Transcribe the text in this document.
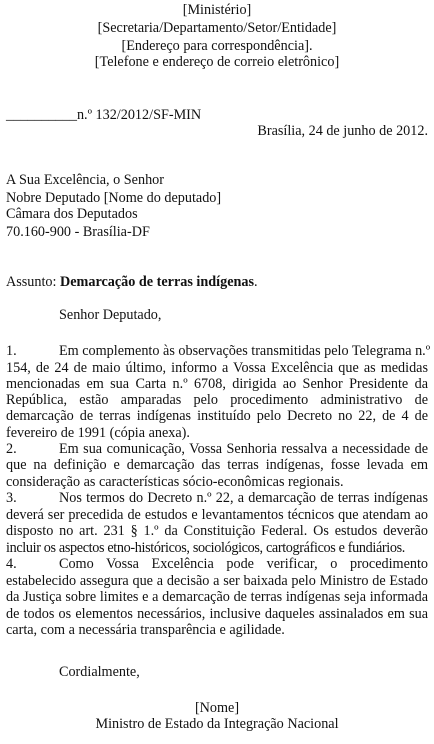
[Ministério]
[Secretaria/Departamento/Setor/Entidade]
[Endereço para correspondência].
[Telefone e endereço de correio eletrônico]
__________n.º 132/2012/SF-MIN
Brasília, 24 de junho de 2012.
A Sua Excelência, o Senhor
Nobre Deputado [Nome do deputado]
Câmara dos Deputados
70.160-900 - Brasília-DF
Assunto: Demarcação de terras indígenas.
Senhor Deputado,
1.	Em complemento às observações transmitidas pelo Telegrama n.º
154, de 24 de maio último, informo a Vossa Excelência que as medidas
mencionadas em sua Carta n.º 6708, dirigida ao Senhor Presidente da
República, estão amparadas pelo procedimento administrativo de
demarcação de terras indígenas instituído pelo Decreto no 22, de 4 de
fevereiro de 1991 (cópia anexa).
2.	Em sua comunicação, Vossa Senhoria ressalva a necessidade de
que na definição e demarcação das terras indígenas, fosse levada em
consideração as características sócio-econômicas regionais.
3.	Nos termos do Decreto n.º 22, a demarcação de terras indígenas
deverá ser precedida de estudos e levantamentos técnicos que atendam ao
disposto no art. 231 § 1.º da Constituição Federal. Os estudos deverão
incluir os aspectos etno-históricos, sociológicos, cartográficos e fundiários.
4.	Como Vossa Excelência pode verificar, o procedimento
estabelecido assegura que a decisão a ser baixada pelo Ministro de Estado
da Justiça sobre limites e a demarcação de terras indígenas seja informada
de todos os elementos necessários, inclusive daqueles assinalados em sua
carta, com a necessária transparência e agilidade.
Cordialmente,
[Nome]
Ministro de Estado da Integração Nacional
